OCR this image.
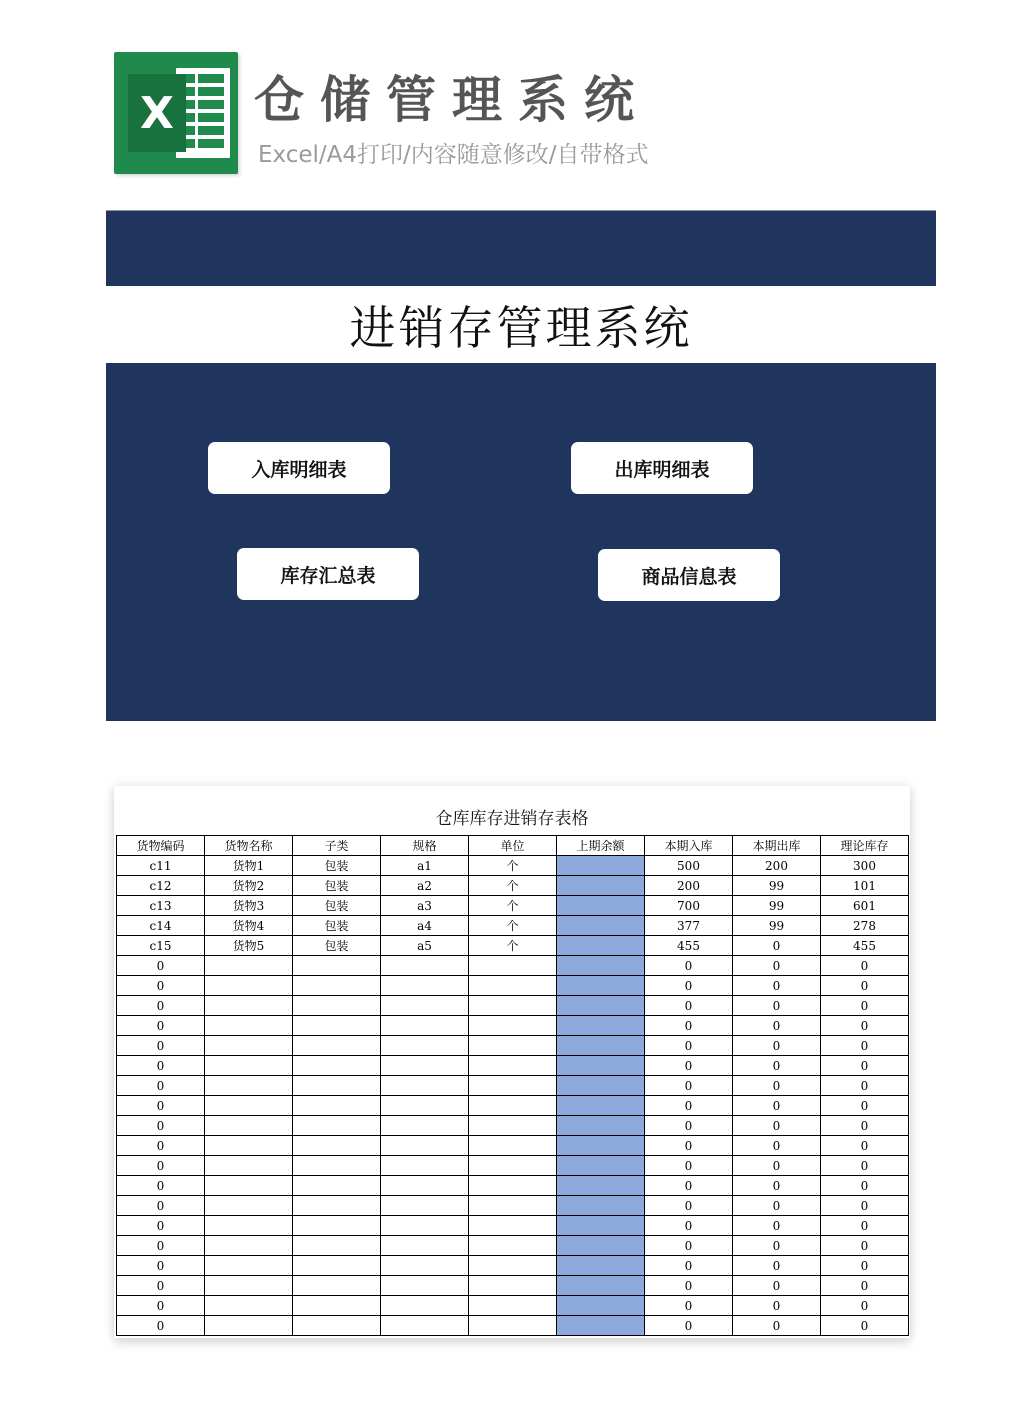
X 仓储管理系统
Excel/A4打印/内容随意修改/自带格式
进销存管理系统
入库明细表	出库明细表
库存汇总表	商品信息表
仓库库存进销存表格
货物编码	货物名称	子类	规格	单位	上期余额	本期入库	本期出库	理论库存
c11	货物1	包装	a1	个		500	200	300
c12	货物2	包装	a2	个		200	99	101
c13	货物3	包装	a3	个		700	99	601
c14	货物4	包装	a4	个		377	99	278
c15	货物5	包装	a5	个		455	0	455
0						0	0	0
0						0	0	0
0						0	0	0
0						0	0	0
0						0	0	0
0						0	0	0
0						0	0	0
0						0	0	0
0						0	0	0
0						0	0	0
0						0	0	0
0						0	0	0
0						0	0	0
0						0	0	0
0						0	0	0
0						0	0	0
0						0	0	0
0						0	0	0
0						0	0	0
